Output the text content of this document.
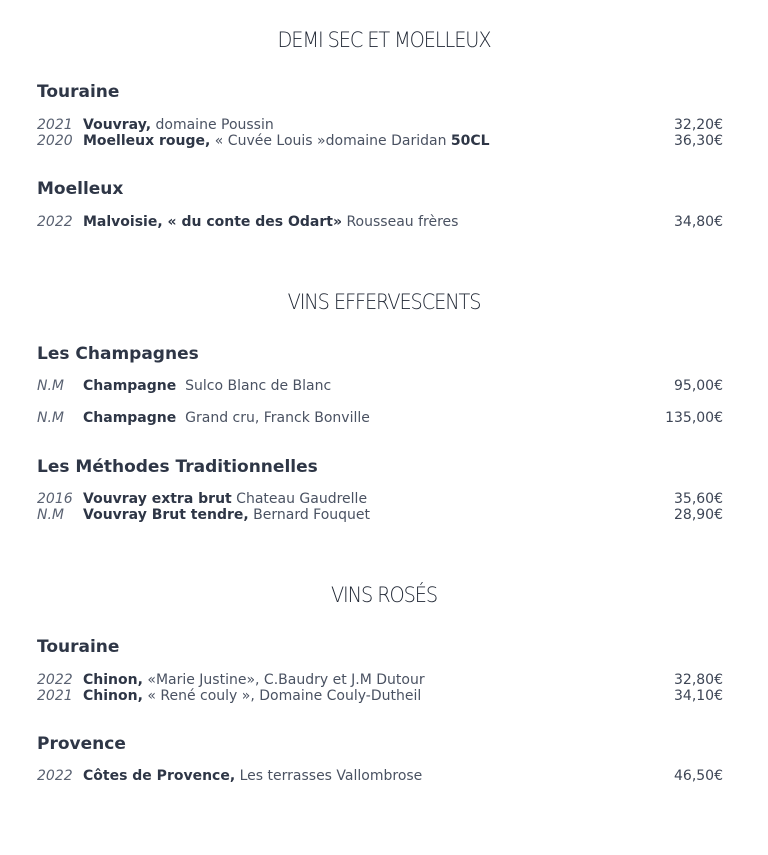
DEMI SEC ET MOELLEUX
Touraine
2021 Vouvray, domaine Poussin	32,20€
2020 Moelleux rouge, « Cuvée Louis »domaine Daridan 50CL	36,30€
Moelleux
2022 Malvoisie, « du conte des Odart» Rousseau frères	34,80€
VINS EFFERVESCENTS
Les Champagnes
N.M Champagne  Sulco Blanc de Blanc	95,00€
N.M Champagne  Grand cru, Franck Bonville	135,00€
Les Méthodes Traditionnelles
2016 Vouvray extra brut Chateau Gaudrelle	35,60€
N.M Vouvray Brut tendre, Bernard Fouquet	28,90€
VINS ROSÉS
Touraine
2022 Chinon, «Marie Justine», C.Baudry et J.M Dutour	32,80€
2021 Chinon, « René couly », Domaine Couly-Dutheil	34,10€
Provence
2022 Côtes de Provence, Les terrasses Vallombrose	46,50€
